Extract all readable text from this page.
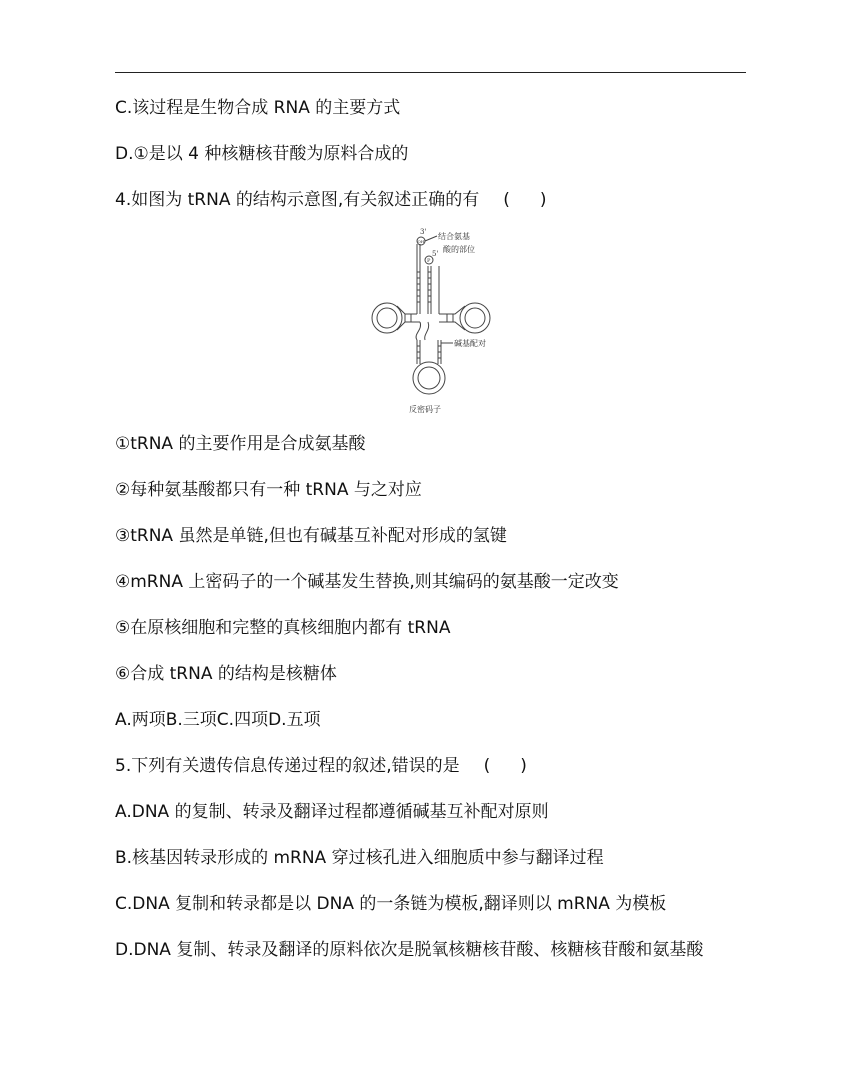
C.该过程是生物合成 RNA 的主要方式
D.①是以 4 种核糖核苷酸为原料合成的
4.如图为 tRNA 的结构示意图,有关叙述正确的有 ( )
3'
OH
5'
P
结合氨基
酸的部位
碱基配对
反密码子
①tRNA 的主要作用是合成氨基酸
②每种氨基酸都只有一种 tRNA 与之对应
③tRNA 虽然是单链,但也有碱基互补配对形成的氢键
④mRNA 上密码子的一个碱基发生替换,则其编码的氨基酸一定改变
⑤在原核细胞和完整的真核细胞内都有 tRNA
⑥合成 tRNA 的结构是核糖体
A.两项B.三项C.四项D.五项
5.下列有关遗传信息传递过程的叙述,错误的是 ( )
A.DNA 的复制、转录及翻译过程都遵循碱基互补配对原则
B.核基因转录形成的 mRNA 穿过核孔进入细胞质中参与翻译过程
C.DNA 复制和转录都是以 DNA 的一条链为模板,翻译则以 mRNA 为模板
D.DNA 复制、转录及翻译的原料依次是脱氧核糖核苷酸、核糖核苷酸和氨基酸
